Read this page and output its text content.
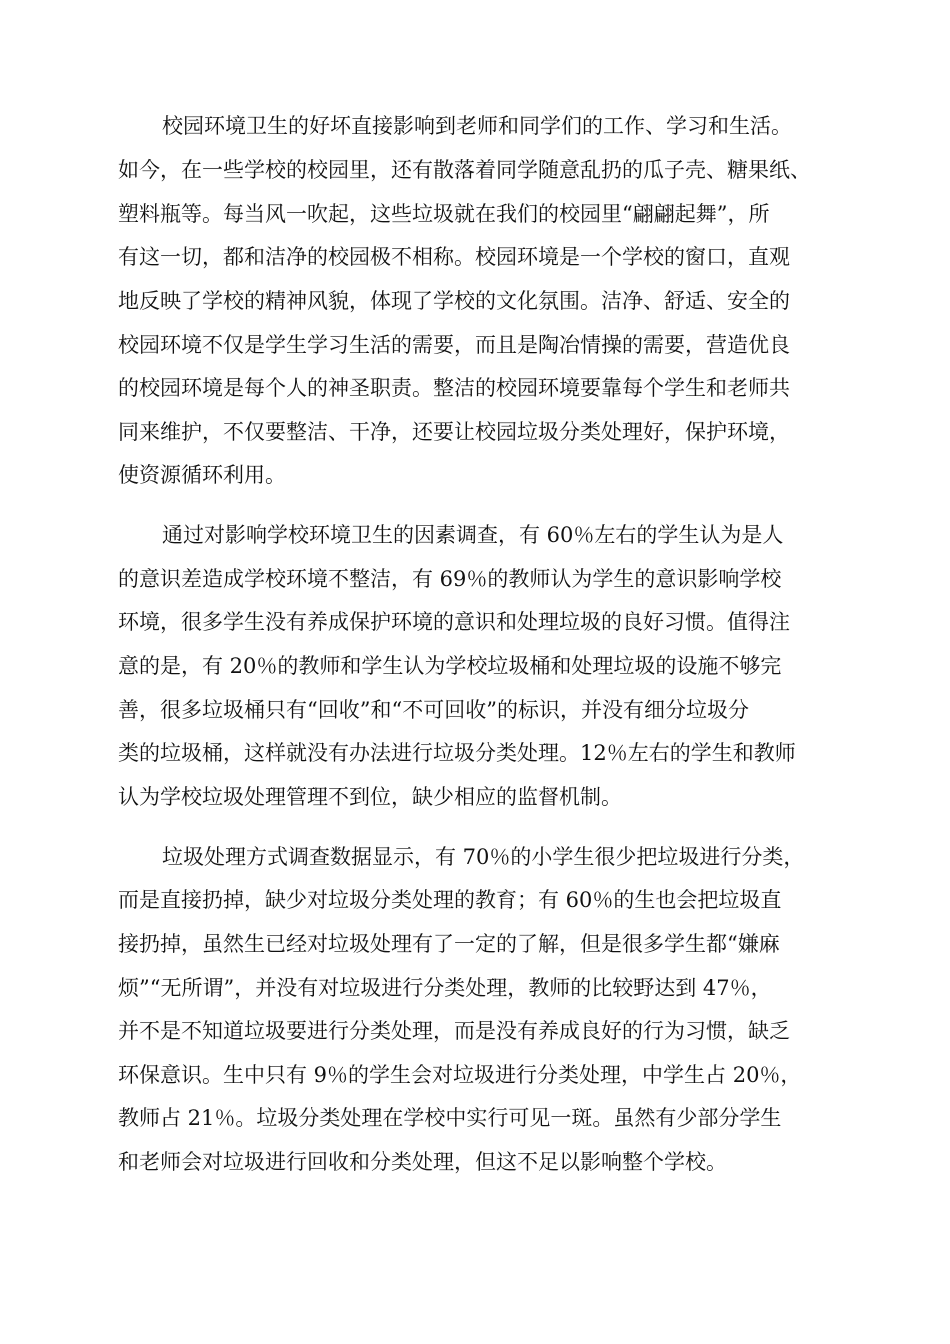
校园环境卫生的好坏直接影响到老师和同学们的工作、学习和生活。
如今，在一些学校的校园里，还有散落着同学随意乱扔的瓜子壳、糖果纸、
塑料瓶等。每当风一吹起，这些垃圾就在我们的校园里“翩翩起舞”，所
有这一切，都和洁净的校园极不相称。校园环境是一个学校的窗口，直观
地反映了学校的精神风貌，体现了学校的文化氛围。洁净、舒适、安全的
校园环境不仅是学生学习生活的需要，而且是陶冶情操的需要，营造优良
的校园环境是每个人的神圣职责。整洁的校园环境要靠每个学生和老师共
同来维护，不仅要整洁、干净，还要让校园垃圾分类处理好，保护环境，
使资源循环利用。
通过对影响学校环境卫生的因素调查，有 60％左右的学生认为是人
的意识差造成学校环境不整洁，有 69％的教师认为学生的意识影响学校
环境，很多学生没有养成保护环境的意识和处理垃圾的良好习惯。值得注
意的是，有 20％的教师和学生认为学校垃圾桶和处理垃圾的设施不够完
善，很多垃圾桶只有“回收”和“不可回收”的标识，并没有细分垃圾分
类的垃圾桶，这样就没有办法进行垃圾分类处理。12％左右的学生和教师
认为学校垃圾处理管理不到位，缺少相应的监督机制。
垃圾处理方式调查数据显示，有 70％的小学生很少把垃圾进行分类，
而是直接扔掉，缺少对垃圾分类处理的教育；有 60％的生也会把垃圾直
接扔掉，虽然生已经对垃圾处理有了一定的了解，但是很多学生都“嫌麻
烦”“无所谓”，并没有对垃圾进行分类处理，教师的比较野达到 47％，
并不是不知道垃圾要进行分类处理，而是没有养成良好的行为习惯，缺乏
环保意识。生中只有 9％的学生会对垃圾进行分类处理，中学生占 20％，
教师占 21％。垃圾分类处理在学校中实行可见一斑。虽然有少部分学生
和老师会对垃圾进行回收和分类处理，但这不足以影响整个学校。
